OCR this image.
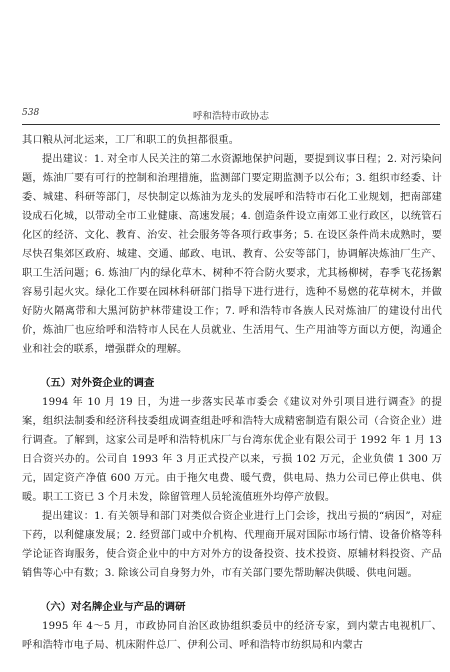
538	呼和浩特市政协志

其口粮从河北运来，工厂和职工的负担都很重。

提出建议：1. 对全市人民关注的第二水资源地保护问题，要提到议事日程；2. 对污染问题，炼油厂要有可行的控制和治理措施，监测部门要定期监测予以公布；3. 组织市经委、计委、城建、科研等部门，尽快制定以炼油为龙头的发展呼和浩特市石化工业规划，把南部建设成石化城，以带动全市工业健康、高速发展；4. 创造条件设立南郊工业行政区，以统管石化区的经济、文化、教育、治安、社会服务等各项行政事务；5. 在设区条件尚未成熟时，要尽快召集郊区政府、城建、交通、邮政、电讯、教育、公安等部门，协调解决炼油厂生产、职工生活问题；6. 炼油厂内的绿化草木、树种不符合防火要求，尤其杨柳树，春季飞花扬絮容易引起火灾。绿化工作要在园林科研部门指导下进行进行，选种不易燃的花草树木，并做好防火隔离带和大黑河防护林带建设工作；7. 呼和浩特市各族人民对炼油厂的建设付出代价，炼油厂也应给呼和浩特市人民在人员就业、生活用气、生产用油等方面以方便，沟通企业和社会的联系，增强群众的理解。

（五）对外资企业的调查

1994 年 10 月 19 日，为进一步落实民革市委会《建议对外引项目进行调查》的提案，组织法制委和经济科技委组成调查组赴呼和浩特大成精密制造有限公司（合资企业）进行调查。了解到，这家公司是呼和浩特机床厂与台湾东优企业有限公司于 1992 年 1 月 13 日合资兴办的。公司自 1993 年 3 月正式投产以来，亏损 102 万元，企业负债 1 300 万元，固定资产净值 600 万元。由于拖欠电费、暖气费，供电局、热力公司已停止供电、供暖。职工工资已 3 个月未发，除留管理人员轮流值班外均停产放假。

提出建议：1. 有关领导和部门对类似合资企业进行上门会诊，找出亏损的“病因”，对症下药，以利健康发展；2. 经贸部门或中介机构、代理商开展对国际市场行情、设备价格等科学论证咨询服务，使合资企业中的中方对外方的设备投资、技术投资、原辅材料投资、产品销售等心中有数；3. 除该公司自身努力外，市有关部门要先帮助解决供暖、供电问题。

（六）对名牌企业与产品的调研

1995 年 4～5 月，市政协同自治区政协组织委员中的经济专家，到内蒙古电视机厂、呼和浩特市电子局、机床附件总厂、伊利公司、呼和浩特市纺织局和内蒙古
